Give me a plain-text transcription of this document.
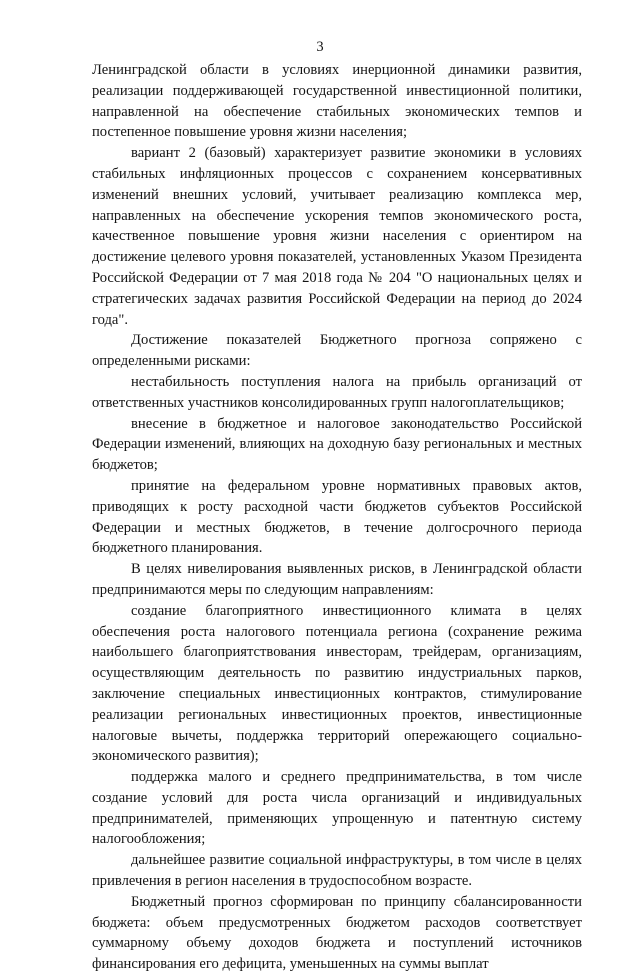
3

Ленинградской области в условиях инерционной динамики развития, реализации поддерживающей государственной инвестиционной политики, направленной на обеспечение стабильных экономических темпов и постепенное повышение уровня жизни населения;

вариант 2 (базовый) характеризует развитие экономики в условиях стабильных инфляционных процессов с сохранением консервативных изменений внешних условий, учитывает реализацию комплекса мер, направленных на обеспечение ускорения темпов экономического роста, качественное повышение уровня жизни населения с ориентиром на достижение целевого уровня показателей, установленных Указом Президента Российской Федерации от 7 мая 2018 года № 204 "О национальных целях и стратегических задачах развития Российской Федерации на период до 2024 года".

Достижение показателей Бюджетного прогноза сопряжено с определенными рисками:

нестабильность поступления налога на прибыль организаций от ответственных участников консолидированных групп налогоплательщиков;

внесение в бюджетное и налоговое законодательство Российской Федерации изменений, влияющих на доходную базу региональных и местных бюджетов;

принятие на федеральном уровне нормативных правовых актов, приводящих к росту расходной части бюджетов субъектов Российской Федерации и местных бюджетов, в течение долгосрочного периода бюджетного планирования.

В целях нивелирования выявленных рисков, в Ленинградской области предпринимаются меры по следующим направлениям:

создание благоприятного инвестиционного климата в целях обеспечения роста налогового потенциала региона (сохранение режима наибольшего благоприятствования инвесторам, трейдерам, организациям, осуществляющим деятельность по развитию индустриальных парков, заключение специальных инвестиционных контрактов, стимулирование реализации региональных инвестиционных проектов, инвестиционные налоговые вычеты, поддержка территорий опережающего социально-экономического развития);

поддержка малого и среднего предпринимательства, в том числе создание условий для роста числа организаций и индивидуальных предпринимателей, применяющих упрощенную и патентную систему налогообложения;

дальнейшее развитие социальной инфраструктуры, в том числе в целях привлечения в регион населения в трудоспособном возрасте.

Бюджетный прогноз сформирован по принципу сбалансированности бюджета: объем предусмотренных бюджетом расходов соответствует суммарному объему доходов бюджета и поступлений источников финансирования его дефицита, уменьшенных на суммы выплат
